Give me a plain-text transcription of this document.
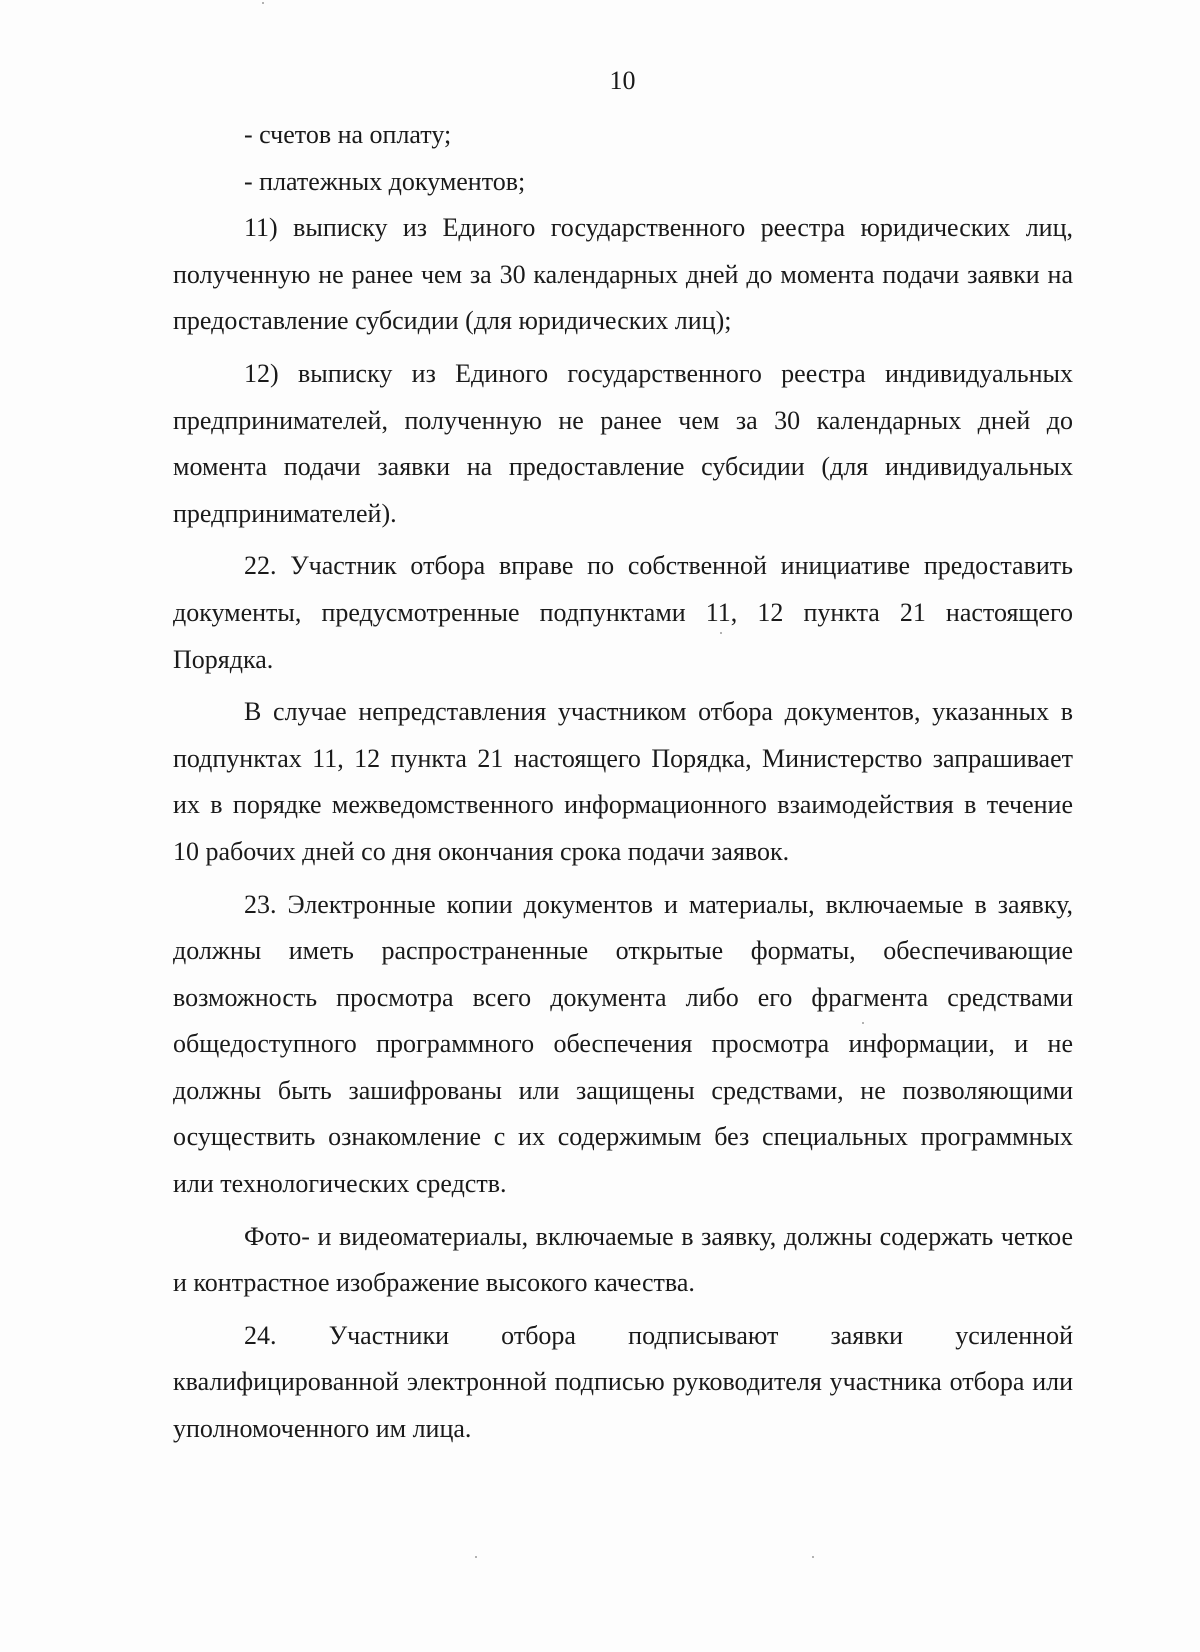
10

- счетов на оплату;

- платежных документов;

11) выписку из Единого государственного реестра юридических лиц, полученную не ранее чем за 30 календарных дней до момента подачи заявки на предоставление субсидии (для юридических лиц);

12) выписку из Единого государственного реестра индивидуальных предпринимателей, полученную не ранее чем за 30 календарных дней до момента подачи заявки на предоставление субсидии (для индивидуальных предпринимателей).

22. Участник отбора вправе по собственной инициативе предоставить документы, предусмотренные подпунктами 11, 12 пункта 21 настоящего Порядка.

В случае непредставления участником отбора документов, указанных в подпунктах 11, 12 пункта 21 настоящего Порядка, Министерство запрашивает их в порядке межведомственного информационного взаимодействия в течение 10 рабочих дней со дня окончания срока подачи заявок.

23. Электронные копии документов и материалы, включаемые в заявку, должны иметь распространенные открытые форматы, обеспечивающие возможность просмотра всего документа либо его фрагмента средствами общедоступного программного обеспечения просмотра информации, и не должны быть зашифрованы или защищены средствами, не позволяющими осуществить ознакомление с их содержимым без специальных программных или технологических средств.

Фото- и видеоматериалы, включаемые в заявку, должны содержать четкое и контрастное изображение высокого качества.

24. Участники отбора подписывают заявки усиленной квалифицированной электронной подписью руководителя участника отбора или уполномоченного им лица.
